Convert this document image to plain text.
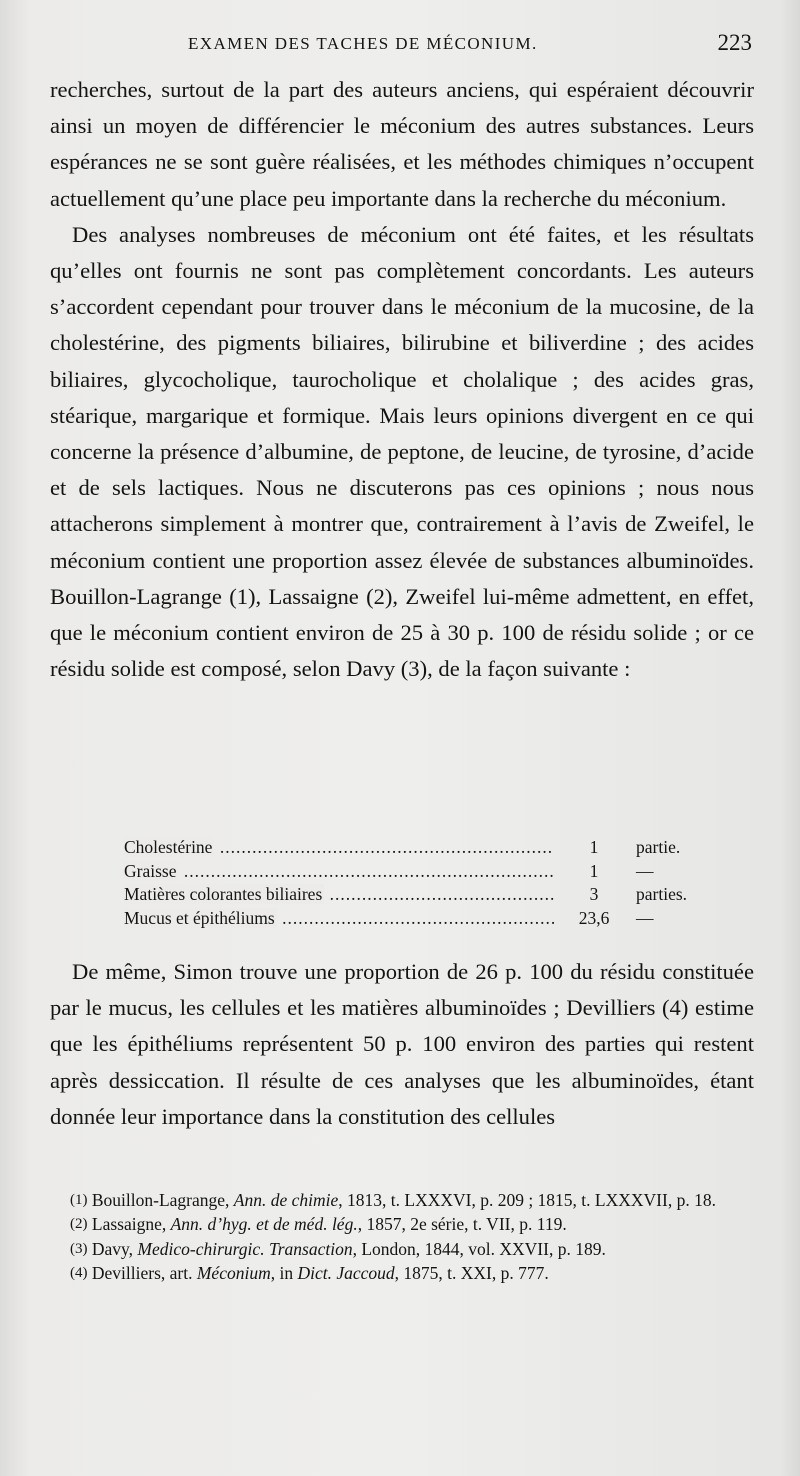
EXAMEN DES TACHES DE MÉCONIUM.	223

recherches, surtout de la part des auteurs anciens, qui espéraient découvrir ainsi un moyen de différencier le méconium des autres substances. Leurs espérances ne se sont guère réalisées, et les méthodes chimiques n’occupent actuellement qu’une place peu importante dans la recherche du méconium.

Des analyses nombreuses de méconium ont été faites, et les résultats qu’elles ont fournis ne sont pas complètement concordants. Les auteurs s’accordent cependant pour trouver dans le méconium de la mucosine, de la cholestérine, des pigments biliaires, bilirubine et biliverdine ; des acides biliaires, glycocholique, taurocholique et cholalique ; des acides gras, stéarique, margarique et formique. Mais leurs opinions divergent en ce qui concerne la présence d’albumine, de peptone, de leucine, de tyrosine, d’acide et de sels lactiques. Nous ne discuterons pas ces opinions ; nous nous attacherons simplement à montrer que, contrairement à l’avis de Zweifel, le méconium contient une proportion assez élevée de substances albuminoïdes. Bouillon-Lagrange (1), Lassaigne (2), Zweifel lui-même admettent, en effet, que le méconium contient environ de 25 à 30 p. 100 de résidu solide ; or ce résidu solide est composé, selon Davy (3), de la façon suivante :

Cholestérine .....	1	partie.
Graisse .....	1	—
Matières colorantes biliaires .....	3	parties.
Mucus et épithéliums .....	23,6	—

De même, Simon trouve une proportion de 26 p. 100 du résidu constituée par le mucus, les cellules et les matières albuminoïdes ; Devilliers (4) estime que les épithéliums représentent 50 p. 100 environ des parties qui restent après dessiccation. Il résulte de ces analyses que les albuminoïdes, étant donnée leur importance dans la constitution des cellules

(1) Bouillon-Lagrange, Ann. de chimie, 1813, t. LXXXVI, p. 209 ; 1815, t. LXXXVII, p. 18.

(2) Lassaigne, Ann. d’hyg. et de méd. lég., 1857, 2e série, t. VII, p. 119.

(3) Davy, Medico-chirurgic. Transaction, London, 1844, vol. XXVII, p. 189.

(4) Devilliers, art. Méconium, in Dict. Jaccoud, 1875, t. XXI, p. 777.
